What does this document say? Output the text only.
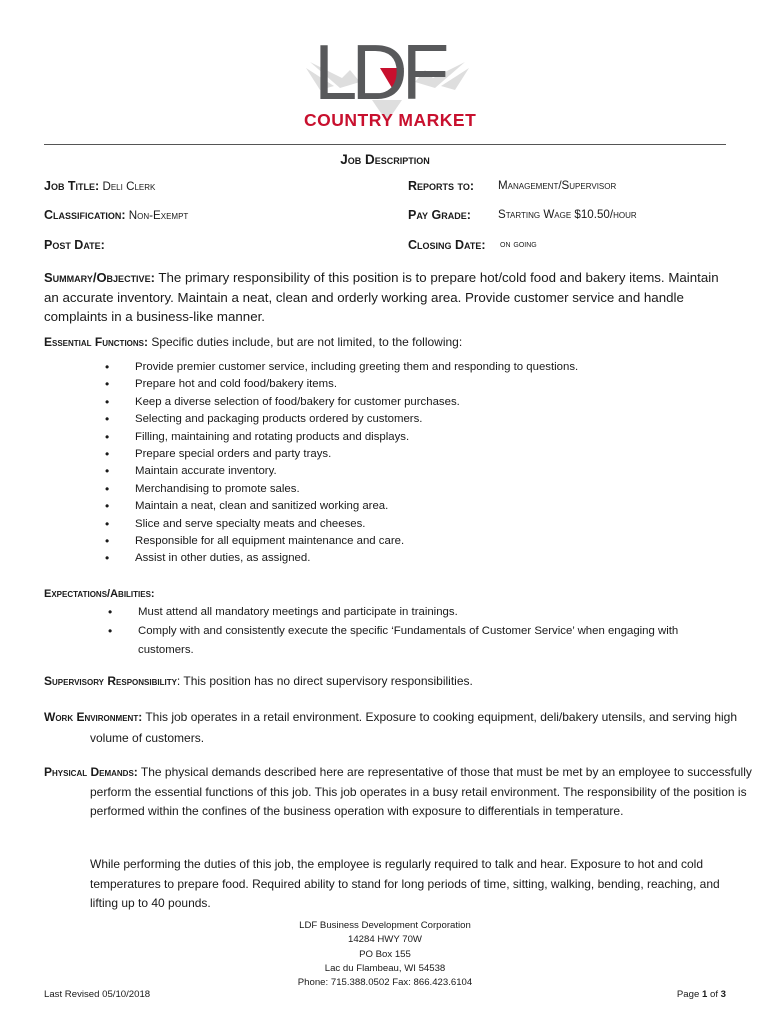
LDF
COUNTRY MARKET
Job Description
Job Title: Deli Clerk	Reports to: Management/Supervisor
Classification: Non-Exempt	Pay Grade: Starting Wage $10.50/hour
Post Date:	Closing Date: on going
Summary/Objective: The primary responsibility of this position is to prepare hot/cold food and bakery items. Maintain an accurate inventory. Maintain a neat, clean and orderly working area. Provide customer service and handle complaints in a business-like manner.
Essential Functions: Specific duties include, but are not limited, to the following:
• Provide premier customer service, including greeting them and responding to questions.
• Prepare hot and cold food/bakery items.
• Keep a diverse selection of food/bakery for customer purchases.
• Selecting and packaging products ordered by customers.
• Filling, maintaining and rotating products and displays.
• Prepare special orders and party trays.
• Maintain accurate inventory.
• Merchandising to promote sales.
• Maintain a neat, clean and sanitized working area.
• Slice and serve specialty meats and cheeses.
• Responsible for all equipment maintenance and care.
• Assist in other duties, as assigned.
Expectations/Abilities:
• Must attend all mandatory meetings and participate in trainings.
• Comply with and consistently execute the specific ‘Fundamentals of Customer Service’ when engaging with customers.
Supervisory Responsibility: This position has no direct supervisory responsibilities.
Work Environment: This job operates in a retail environment. Exposure to cooking equipment, deli/bakery utensils, and serving high volume of customers.
Physical Demands: The physical demands described here are representative of those that must be met by an employee to successfully perform the essential functions of this job. This job operates in a busy retail environment. The responsibility of the position is performed within the confines of the business operation with exposure to differentials in temperature.
While performing the duties of this job, the employee is regularly required to talk and hear. Exposure to hot and cold temperatures to prepare food. Required ability to stand for long periods of time, sitting, walking, bending, reaching, and lifting up to 40 pounds.
LDF Business Development Corporation
14284 HWY 70W
PO Box 155
Lac du Flambeau, WI 54538
Phone: 715.388.0502 Fax: 866.423.6104
Last Revised 05/10/2018	Page 1 of 3
